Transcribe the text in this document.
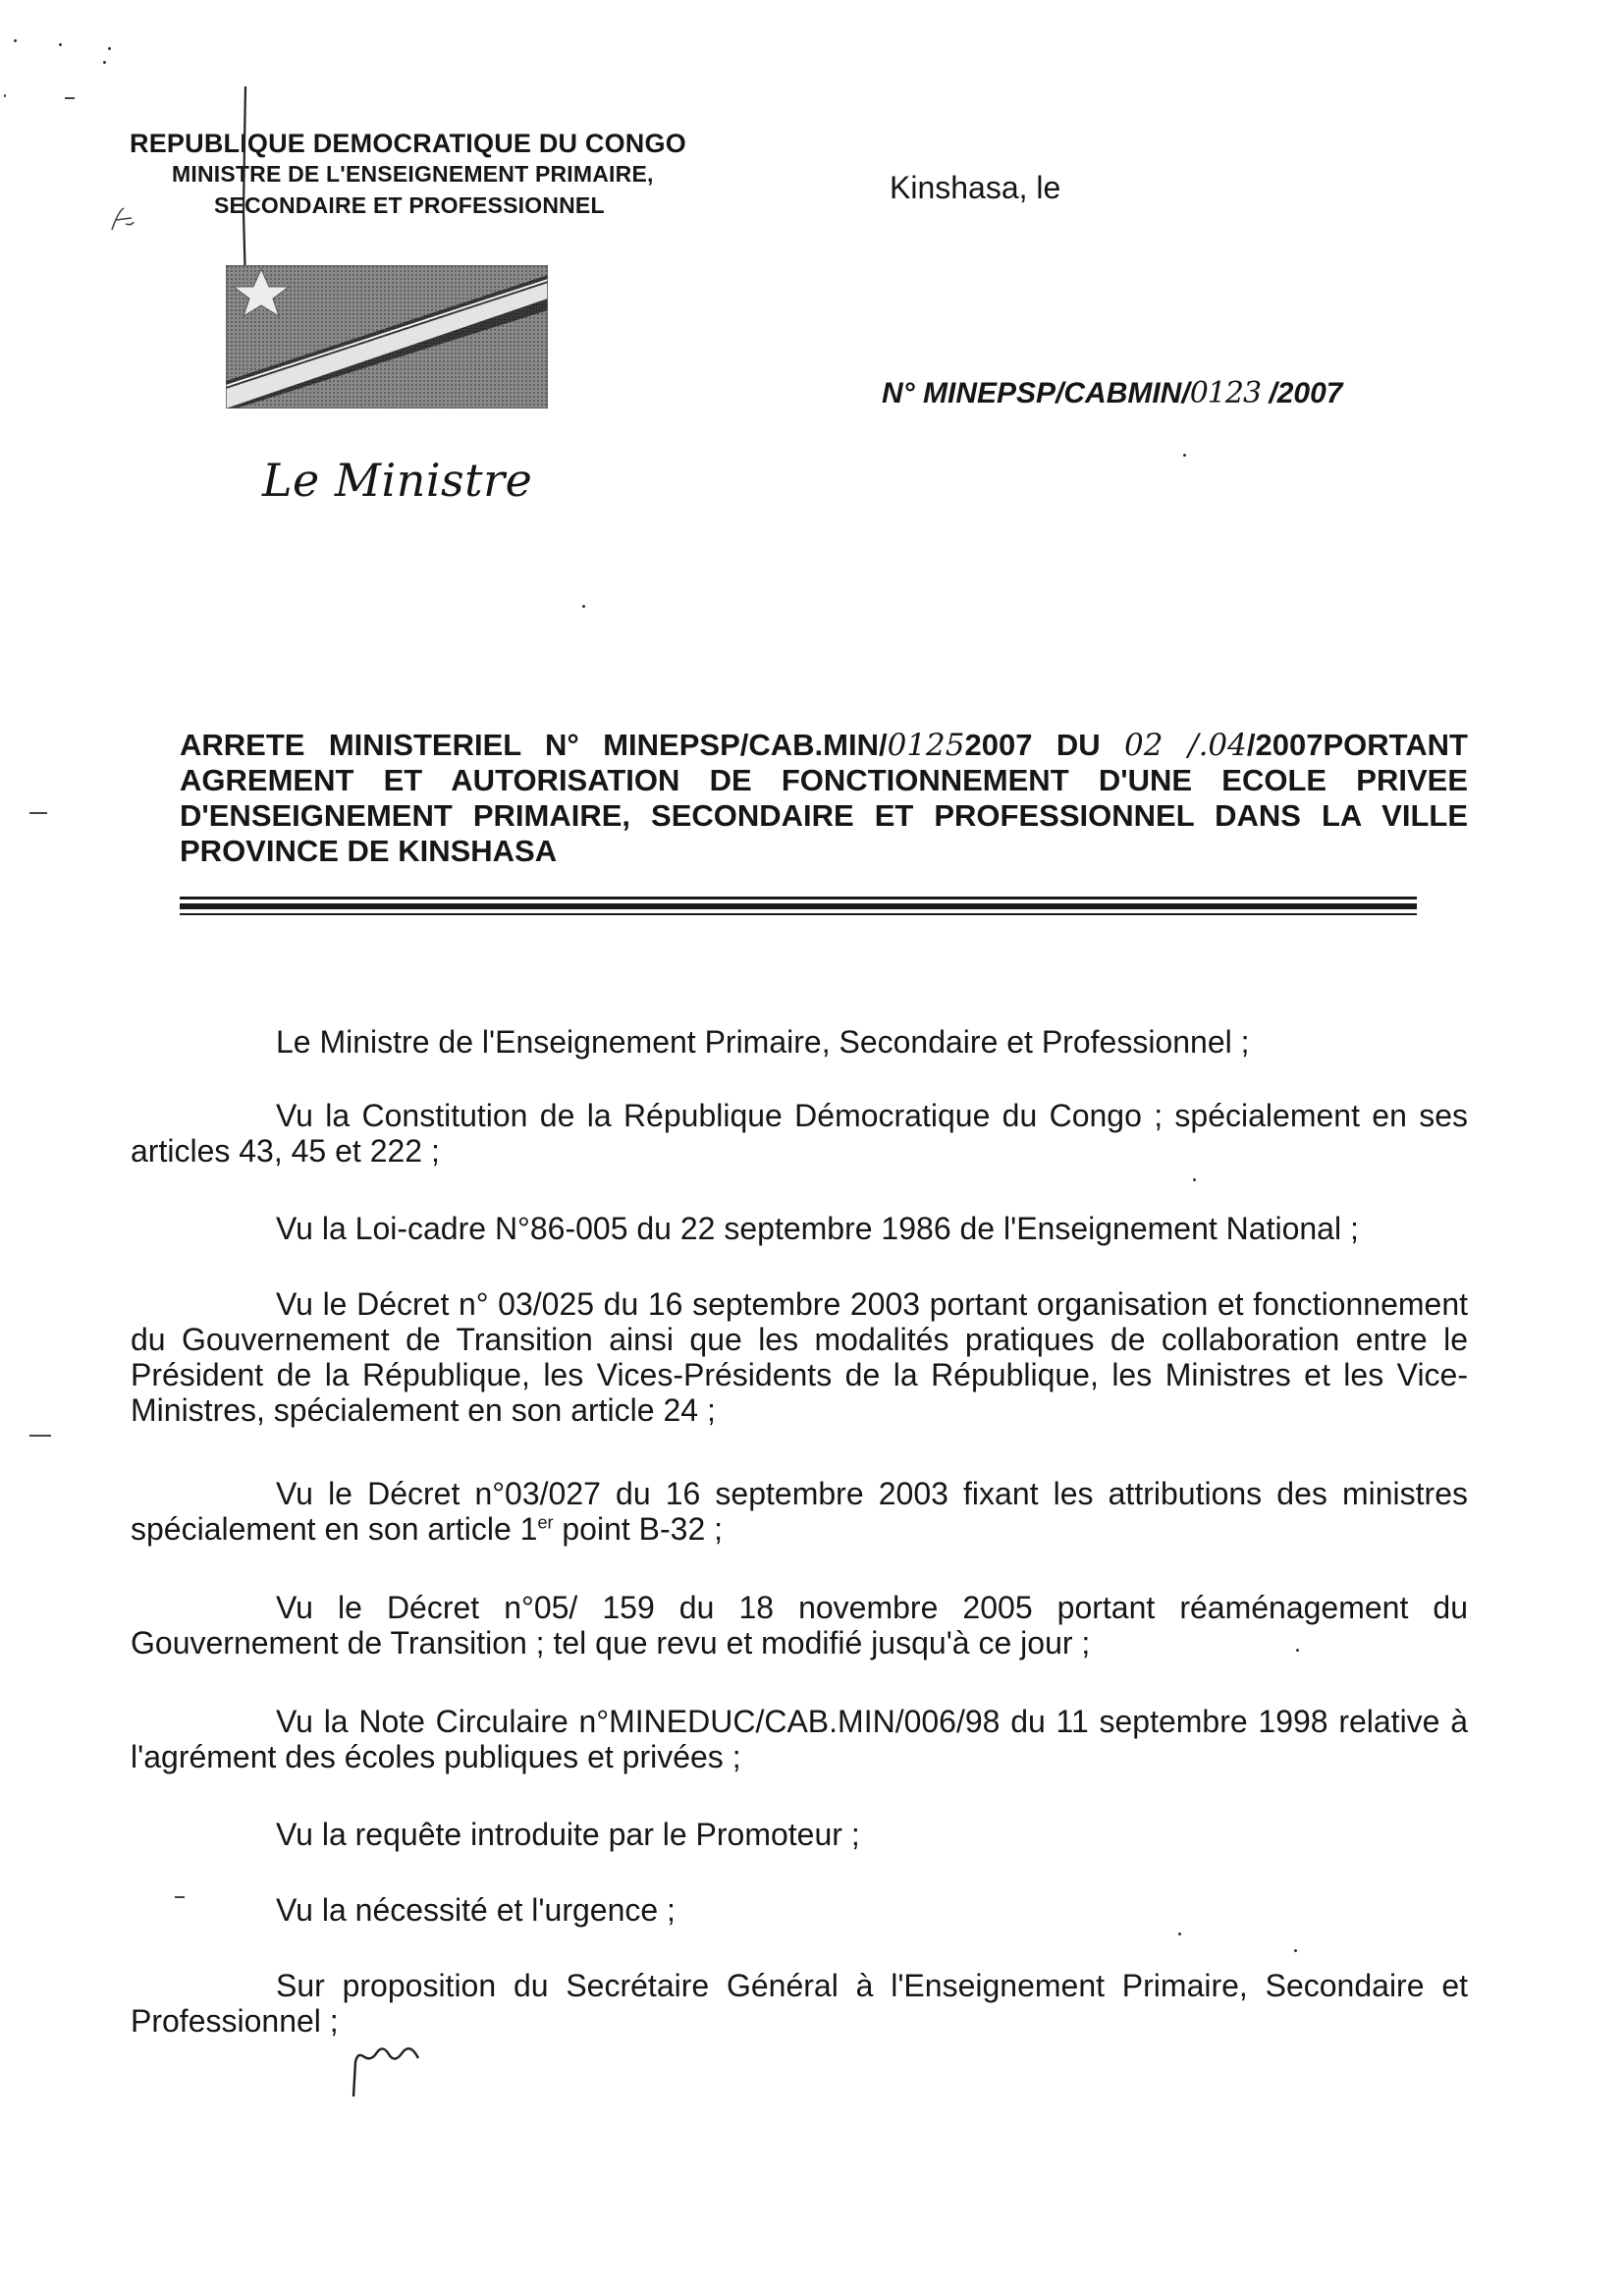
REPUBLIQUE DEMOCRATIQUE DU CONGO
MINISTRE DE L'ENSEIGNEMENT PRIMAIRE,
SECONDAIRE ET PROFESSIONNEL	Kinshasa, le
N° MINEPSP/CABMIN/0123 /2007
Le Ministre
ARRETE MINISTERIEL N° MINEPSP/CAB.MIN/01252007 DU 02 /.04/2007PORTANT AGREMENT ET AUTORISATION DE FONCTIONNEMENT D'UNE ECOLE PRIVEE D'ENSEIGNEMENT PRIMAIRE, SECONDAIRE ET PROFESSIONNEL DANS LA VILLE PROVINCE DE KINSHASA
Le Ministre de l'Enseignement Primaire, Secondaire et Professionnel ;
Vu la Constitution de la République Démocratique du Congo ; spécialement en ses articles 43, 45 et 222 ;
Vu la Loi-cadre N°86-005 du 22 septembre 1986 de l'Enseignement National ;
Vu le Décret n° 03/025 du 16 septembre 2003 portant organisation et fonctionnement du Gouvernement de Transition ainsi que les modalités pratiques de collaboration entre le Président de la République, les Vices-Présidents de la République, les Ministres et les Vice-Ministres, spécialement en son article 24 ;
Vu le Décret n°03/027 du 16 septembre 2003 fixant les attributions des ministres spécialement en son article 1er point B-32 ;
Vu le Décret n°05/ 159 du 18 novembre 2005 portant réaménagement du Gouvernement de Transition ; tel que revu et modifié jusqu'à ce jour ;
Vu la Note Circulaire n°MINEDUC/CAB.MIN/006/98 du 11 septembre 1998 relative à l'agrément des écoles publiques et privées ;
Vu la requête introduite par le Promoteur ;
Vu la nécessité et l'urgence ;
Sur proposition du Secrétaire Général à l'Enseignement Primaire, Secondaire et Professionnel ;
